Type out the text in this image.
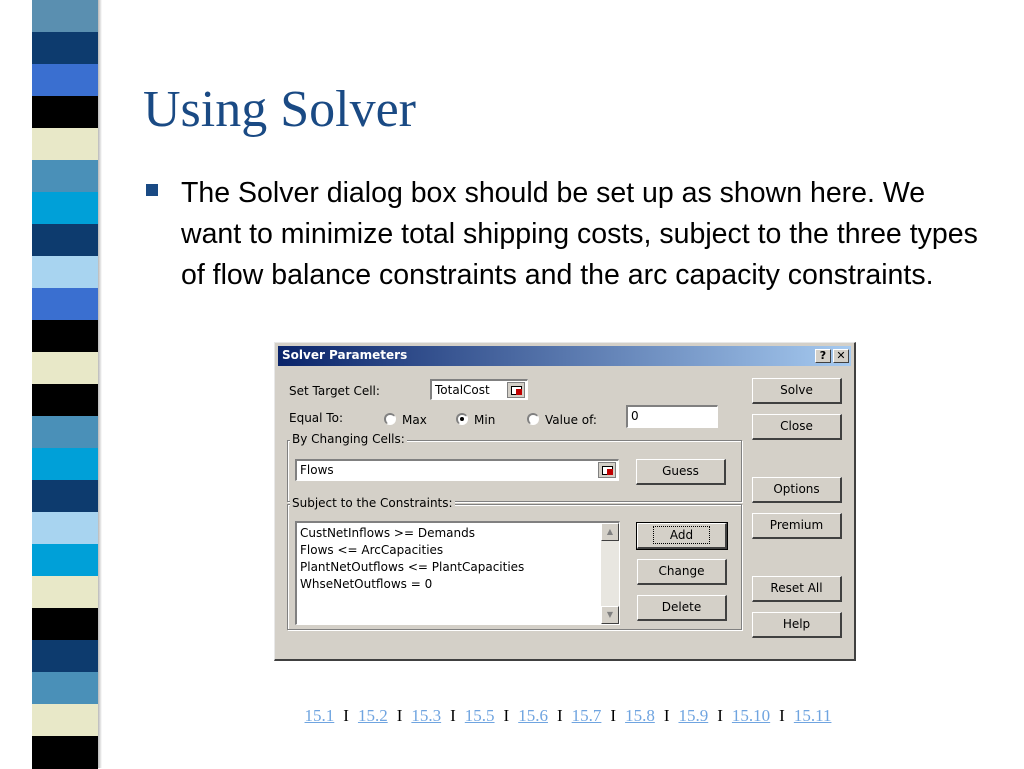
Using Solver
The Solver dialog box should be set up as shown here. We want to minimize total shipping costs, subject to the three types of flow balance constraints and the arc capacity constraints.
Solver Parameters	? ✕
Set Target Cell:	TotalCost
Equal To:	Max	Min	Value of:	0
By Changing Cells:
Flows	Guess
Subject to the Constraints:
CustNetInflows >= Demands
Flows <= ArcCapacities
PlantNetOutflows <= PlantCapacities
WhseNetOutflows = 0
▲
▼
Add
Change
Delete
Solve
Close
Options
Premium
Reset All
Help
15.1 I 15.2 I 15.3 I 15.5 I 15.6 I 15.7 I 15.8 I 15.9 I 15.10 I 15.11
